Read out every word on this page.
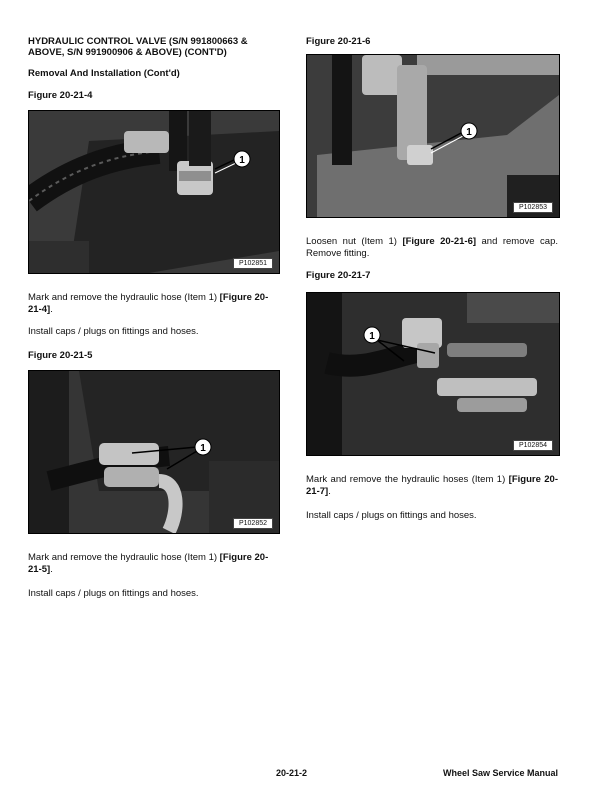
HYDRAULIC CONTROL VALVE (S/N 991800663 &
ABOVE, S/N 991900906 & ABOVE) (CONT'D)
Removal And Installation (Cont'd)
Figure 20-21-4
1
P102851
Mark and remove the hydraulic hose (Item 1) [Figure 20-21-4].
Install caps / plugs on fittings and hoses.
Figure 20-21-5
1
P102852
Mark and remove the hydraulic hose (Item 1) [Figure 20-21-5].
Install caps / plugs on fittings and hoses.
Figure 20-21-6
1
P102853
Loosen nut (Item 1) [Figure 20-21-6] and remove cap. Remove fitting.
Figure 20-21-7
1
P102854
Mark and remove the hydraulic hoses (Item 1) [Figure 20-21-7].
Install caps / plugs on fittings and hoses.
20-21-2	Wheel Saw Service Manual
